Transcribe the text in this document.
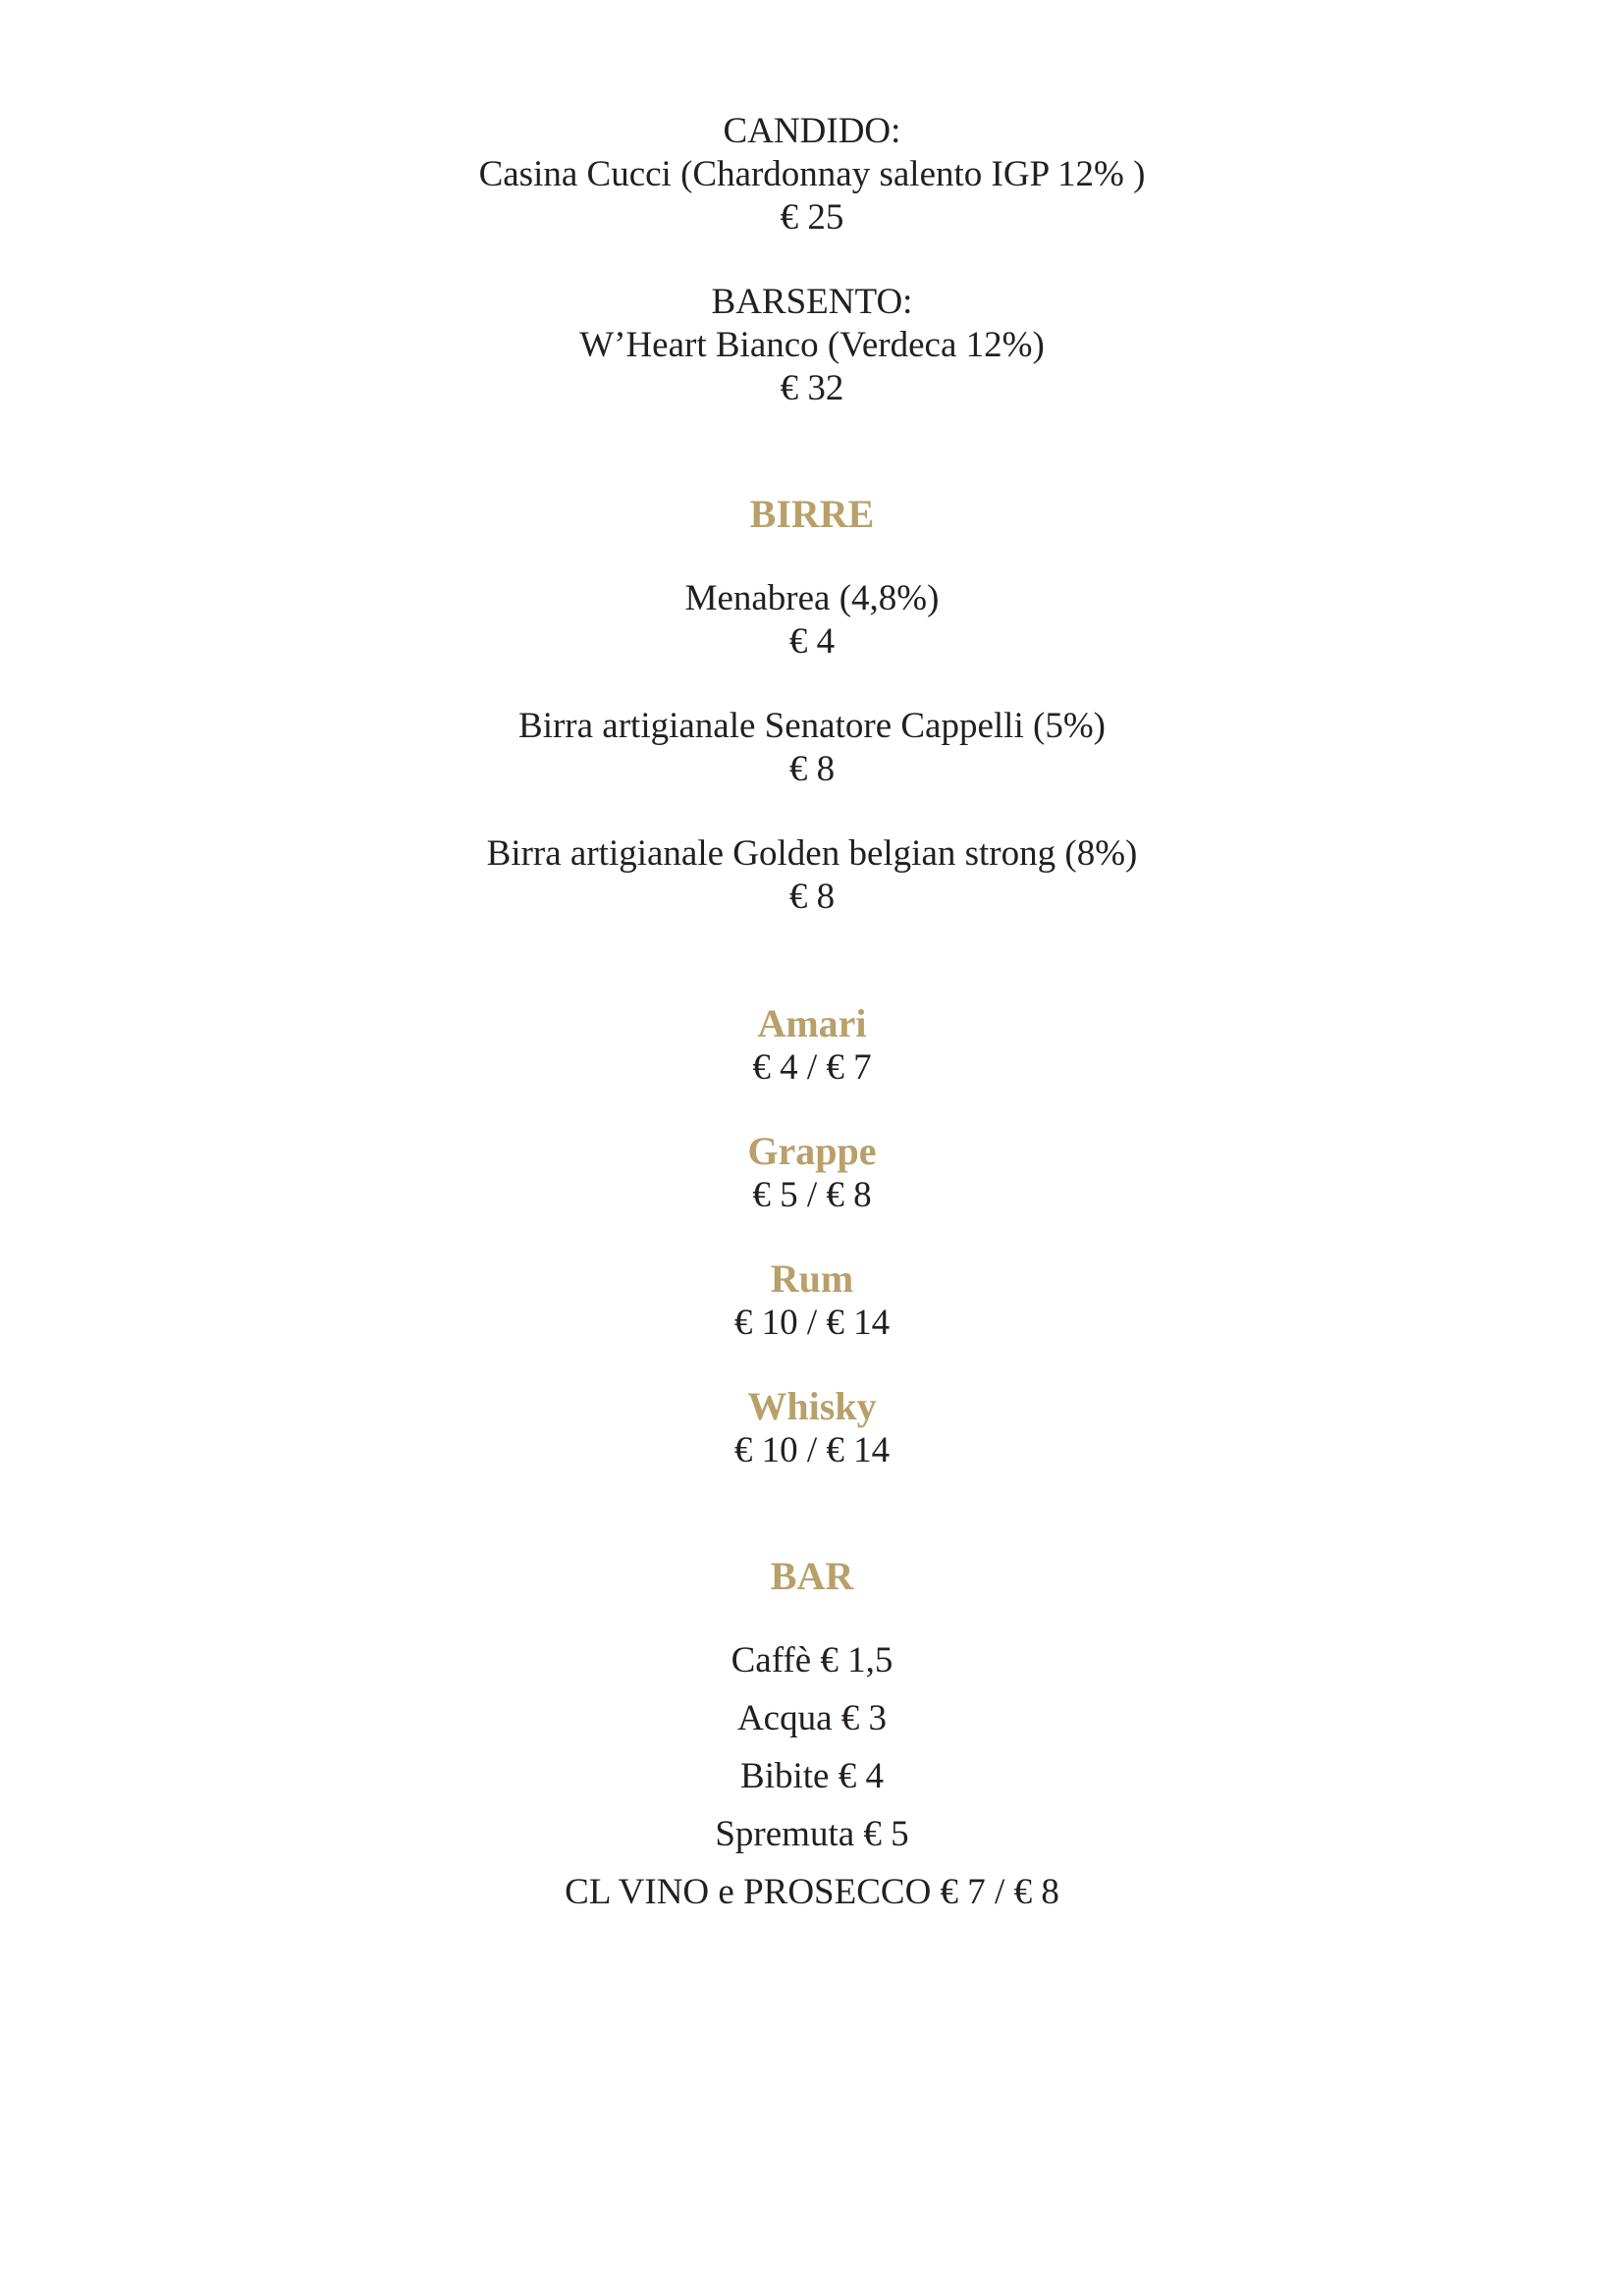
CANDIDO:
Casina Cucci (Chardonnay salento IGP 12% )
€ 25
BARSENTO:
W’Heart Bianco (Verdeca 12%)
€ 32
BIRRE
Menabrea (4,8%)
€ 4
Birra artigianale Senatore Cappelli (5%)
€ 8
Birra artigianale Golden belgian strong (8%)
€ 8
Amari
€ 4 / € 7
Grappe
€ 5 / € 8
Rum
€ 10 / € 14
Whisky
€ 10 / € 14
BAR
Caffè € 1,5
Acqua € 3
Bibite € 4
Spremuta € 5
CL VINO e PROSECCO € 7 / € 8
